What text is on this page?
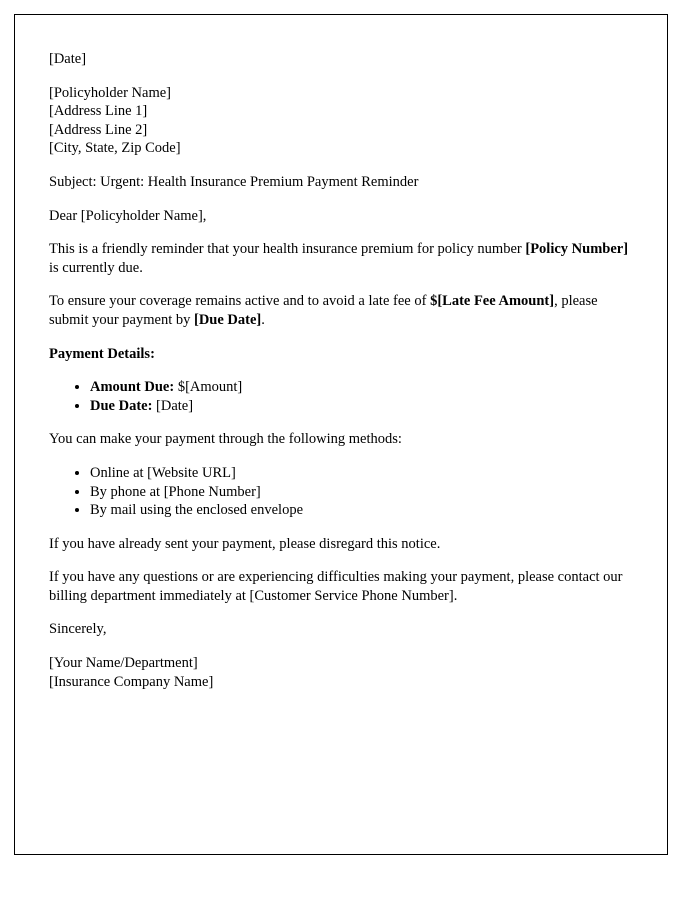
[Date]

[Policyholder Name]
[Address Line 1]
[Address Line 2]
[City, State, Zip Code]

Subject: Urgent: Health Insurance Premium Payment Reminder

Dear [Policyholder Name],

This is a friendly reminder that your health insurance premium for policy number [Policy Number] is currently due.

To ensure your coverage remains active and to avoid a late fee of $[Late Fee Amount], please submit your payment by [Due Date].

Payment Details:

• Amount Due: $[Amount]
• Due Date: [Date]

You can make your payment through the following methods:

• Online at [Website URL]
• By phone at [Phone Number]
• By mail using the enclosed envelope

If you have already sent your payment, please disregard this notice.

If you have any questions or are experiencing difficulties making your payment, please contact our billing department immediately at [Customer Service Phone Number].

Sincerely,

[Your Name/Department]
[Insurance Company Name]
